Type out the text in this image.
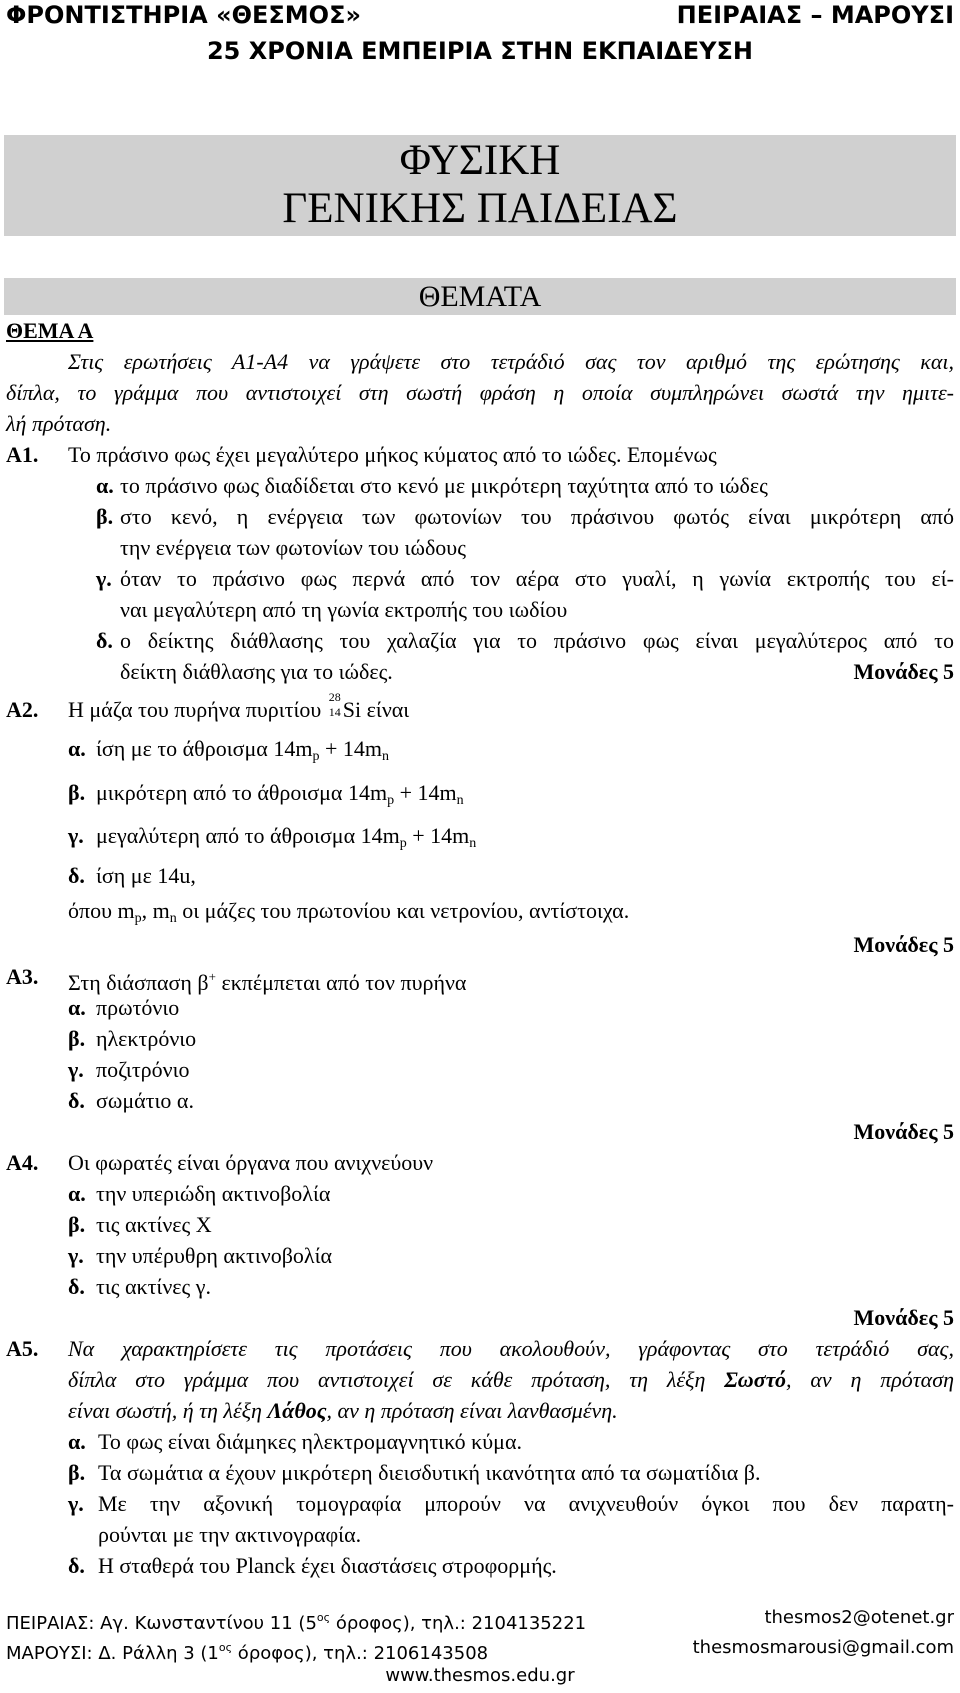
ΦΡΟΝΤΙΣΤΗΡΙΑ «ΘΕΣΜΟΣ»	ΠΕΙΡΑΙΑΣ – ΜΑΡΟΥΣΙ
25 ΧΡΟΝΙΑ ΕΜΠΕΙΡΙΑ ΣΤΗΝ ΕΚΠΑΙΔΕΥΣΗ
ΦΥΣΙΚΗ
ΓΕΝΙΚΗΣ ΠΑΙΔΕΙΑΣ
ΘΕΜΑΤΑ
ΘΕΜΑ Α
Στις ερωτήσεις Α1-Α4 να γράψετε στο τετράδιό σας τον αριθμό της ερώτησης και,
δίπλα, το γράμμα που αντιστοιχεί στη σωστή φράση η οποία συμπληρώνει σωστά την ημιτε-
λή πρόταση.
Α1. Το πράσινο φως έχει μεγαλύτερο μήκος κύματος από το ιώδες. Επομένως
α. το πράσινο φως διαδίδεται στο κενό με μικρότερη ταχύτητα από το ιώδες
β. στο κενό, η ενέργεια των φωτονίων του πράσινου φωτός είναι μικρότερη από
την ενέργεια των φωτονίων του ιώδους
γ. όταν το πράσινο φως περνά από τον αέρα στο γυαλί, η γωνία εκτροπής του εί-
ναι μεγαλύτερη από τη γωνία εκτροπής του ιωδίου
δ. ο δείκτης διάθλασης του χαλαζία για το πράσινο φως είναι μεγαλύτερος από το
δείκτη διάθλασης για το ιώδες.	Μονάδες 5
Α2. Η μάζα του πυρήνα πυριτίου 28
14 Si είναι
α. ίση με το άθροισμα $14m_p + 14m_n$
β. μικρότερη από το άθροισμα $14m_p + 14m_n$
γ. μεγαλύτερη από το άθροισμα $14m_p + 14m_n$
δ. ίση με 14u,
όπου $m_p$, $m_n$ οι μάζες του πρωτονίου και νετρονίου, αντίστοιχα.
Μονάδες 5
Α3. Στη διάσπαση β+ εκπέμπεται από τον πυρήνα
α. πρωτόνιο
β. ηλεκτρόνιο
γ. ποζιτρόνιο
δ. σωμάτιο α.
Μονάδες 5
Α4. Οι φωρατές είναι όργανα που ανιχνεύουν
α. την υπεριώδη ακτινοβολία
β. τις ακτίνες Χ
γ. την υπέρυθρη ακτινοβολία
δ. τις ακτίνες γ.
Μονάδες 5
Α5. Να χαρακτηρίσετε τις προτάσεις που ακολουθούν, γράφοντας στο τετράδιό σας,
δίπλα στο γράμμα που αντιστοιχεί σε κάθε πρόταση, τη λέξη Σωστό, αν η πρόταση
είναι σωστή, ή τη λέξη Λάθος, αν η πρόταση είναι λανθασμένη.
α. Το φως είναι διάμηκες ηλεκτρομαγνητικό κύμα.
β. Τα σωμάτια α έχουν μικρότερη διεισδυτική ικανότητα από τα σωματίδια β.
γ. Με την αξονική τομογραφία μπορούν να ανιχνευθούν όγκοι που δεν παρατη-
ρούνται με την ακτινογραφία.
δ. Η σταθερά του Planck έχει διαστάσεις στροφορμής.
ΠΕΙΡΑΙΑΣ: Αγ. Κωνσταντίνου 11 ($5^{o\varsigma}$ όροφος), τηλ.: 2104135221	thesmos2@otenet.gr
ΜΑΡΟΥΣΙ: Δ. Ράλλη 3 ($1^{o\varsigma}$ όροφος), τηλ.: 2106143508	thesmosmarousi@gmail.com
www.thesmos.edu.gr
